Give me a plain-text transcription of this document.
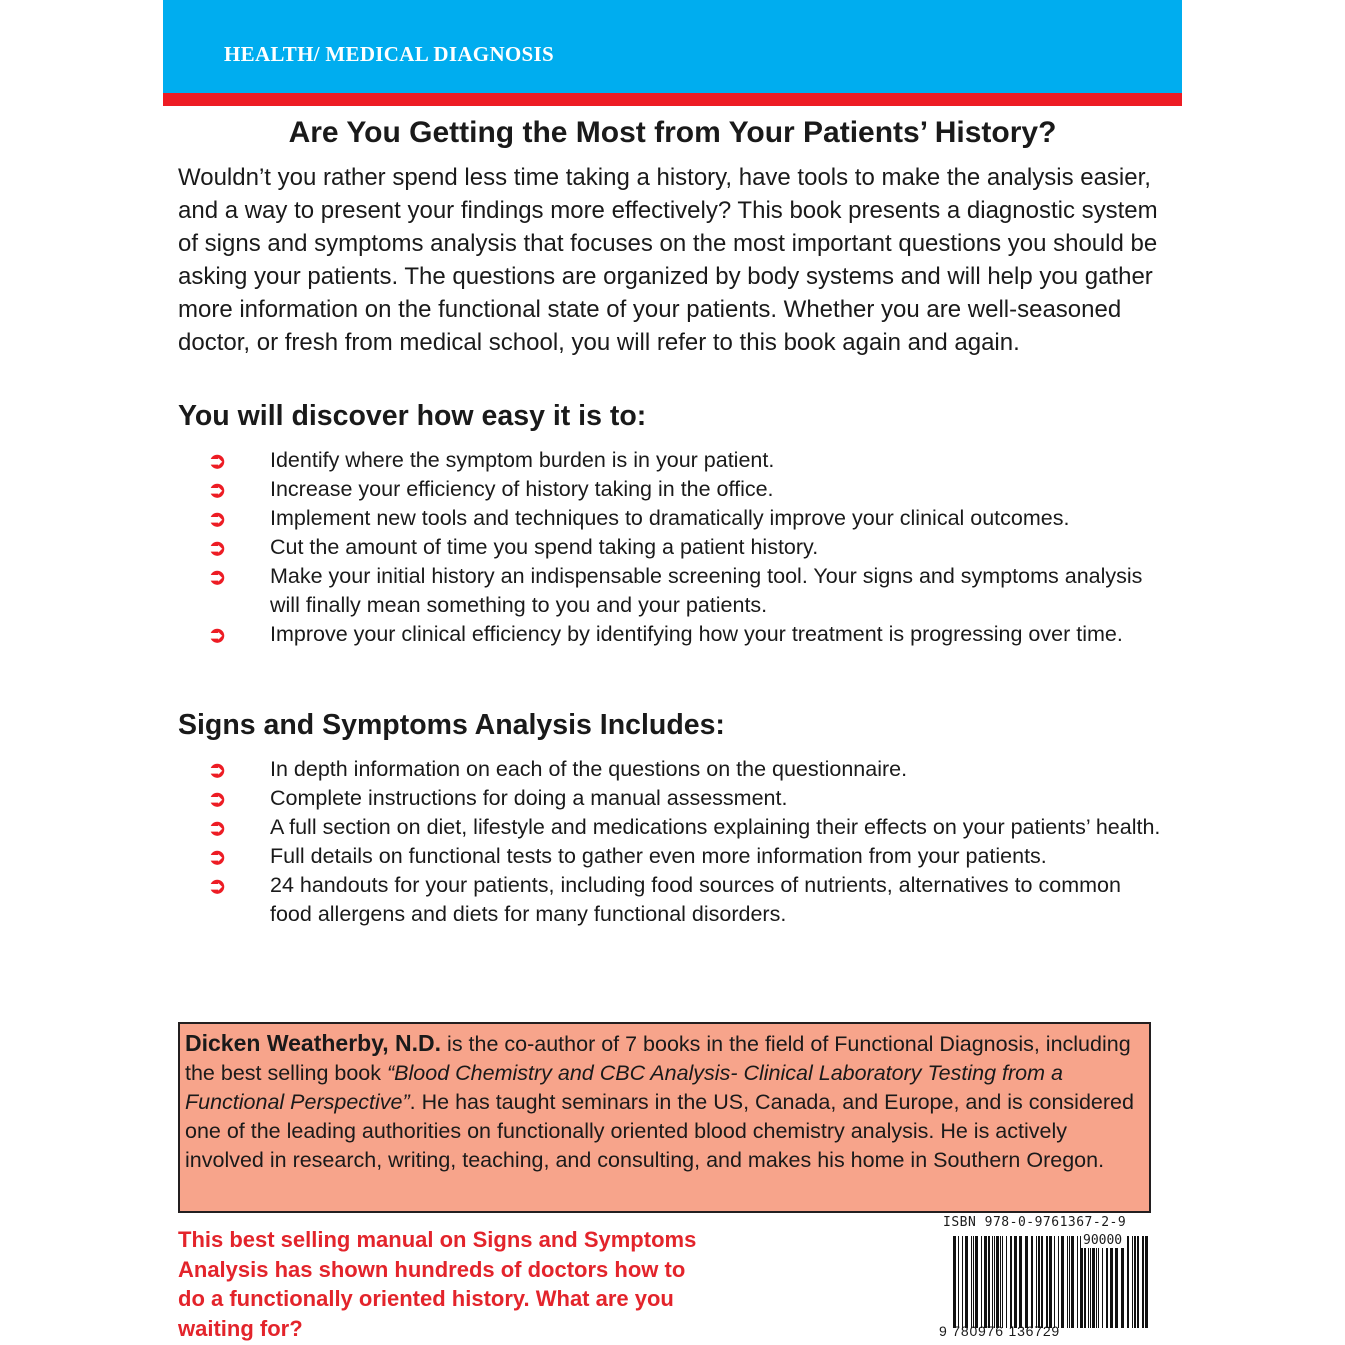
HEALTH/ MEDICAL DIAGNOSIS
Are You Getting the Most from Your Patients’ History?

Wouldn’t you rather spend less time taking a history, have tools to make the analysis easier, and a way to present your findings more effectively? This book presents a diagnostic system of signs and symptoms analysis that focuses on the most important questions you should be asking your patients. The questions are organized by body systems and will help you gather more information on the functional state of your patients. Whether you are well-seasoned doctor, or fresh from medical school, you will refer to this book again and again.

You will discover how easy it is to:
➲ Identify where the symptom burden is in your patient.
➲ Increase your efficiency of history taking in the office.
➲ Implement new tools and techniques to dramatically improve your clinical outcomes.
➲ Cut the amount of time you spend taking a patient history.
➲ Make your initial history an indispensable screening tool. Your signs and symptoms analysis will finally mean something to you and your patients.
➲ Improve your clinical efficiency by identifying how your treatment is progressing over time.
Signs and Symptoms Analysis Includes:
➲ In depth information on each of the questions on the questionnaire.
➲ Complete instructions for doing a manual assessment.
➲ A full section on diet, lifestyle and medications explaining their effects on your patients’ health.
➲ Full details on functional tests to gather even more information from your patients.
➲ 24 handouts for your patients, including food sources of nutrients, alternatives to common food allergens and diets for many functional disorders.

Dicken Weatherby, N.D. is the co-author of 7 books in the field of Functional Diagnosis, including the best selling book “Blood Chemistry and CBC Analysis- Clinical Laboratory Testing from a Functional Perspective”. He has taught seminars in the US, Canada, and Europe, and is considered one of the leading authorities on functionally oriented blood chemistry analysis. He is actively involved in research, writing, teaching, and consulting, and makes his home in Southern Oregon.

This best selling manual on Signs and Symptoms Analysis has shown hundreds of doctors how to do a functionally oriented history. What are you waiting for?

ISBN 978-0-9761367-2-9
90000
9 780976 136729
